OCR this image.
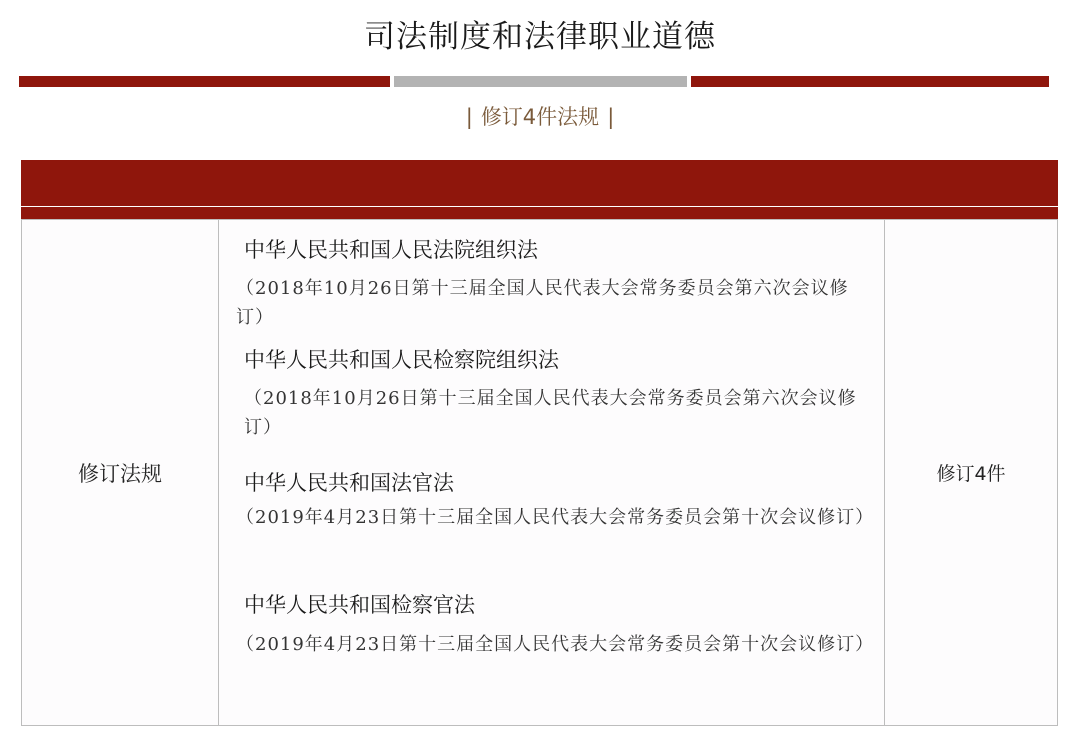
司法制度和法律职业道德
| 修订4件法规 |
修订法规
中华人民共和国人民法院组织法
（2018年10月26日第十三届全国人民代表大会常务委员会第六次会议修订）
中华人民共和国人民检察院组织法
（2018年10月26日第十三届全国人民代表大会常务委员会第六次会议修订）
中华人民共和国法官法
（2019年4月23日第十三届全国人民代表大会常务委员会第十次会议修订）
中华人民共和国检察官法
（2019年4月23日第十三届全国人民代表大会常务委员会第十次会议修订）
修订4件
